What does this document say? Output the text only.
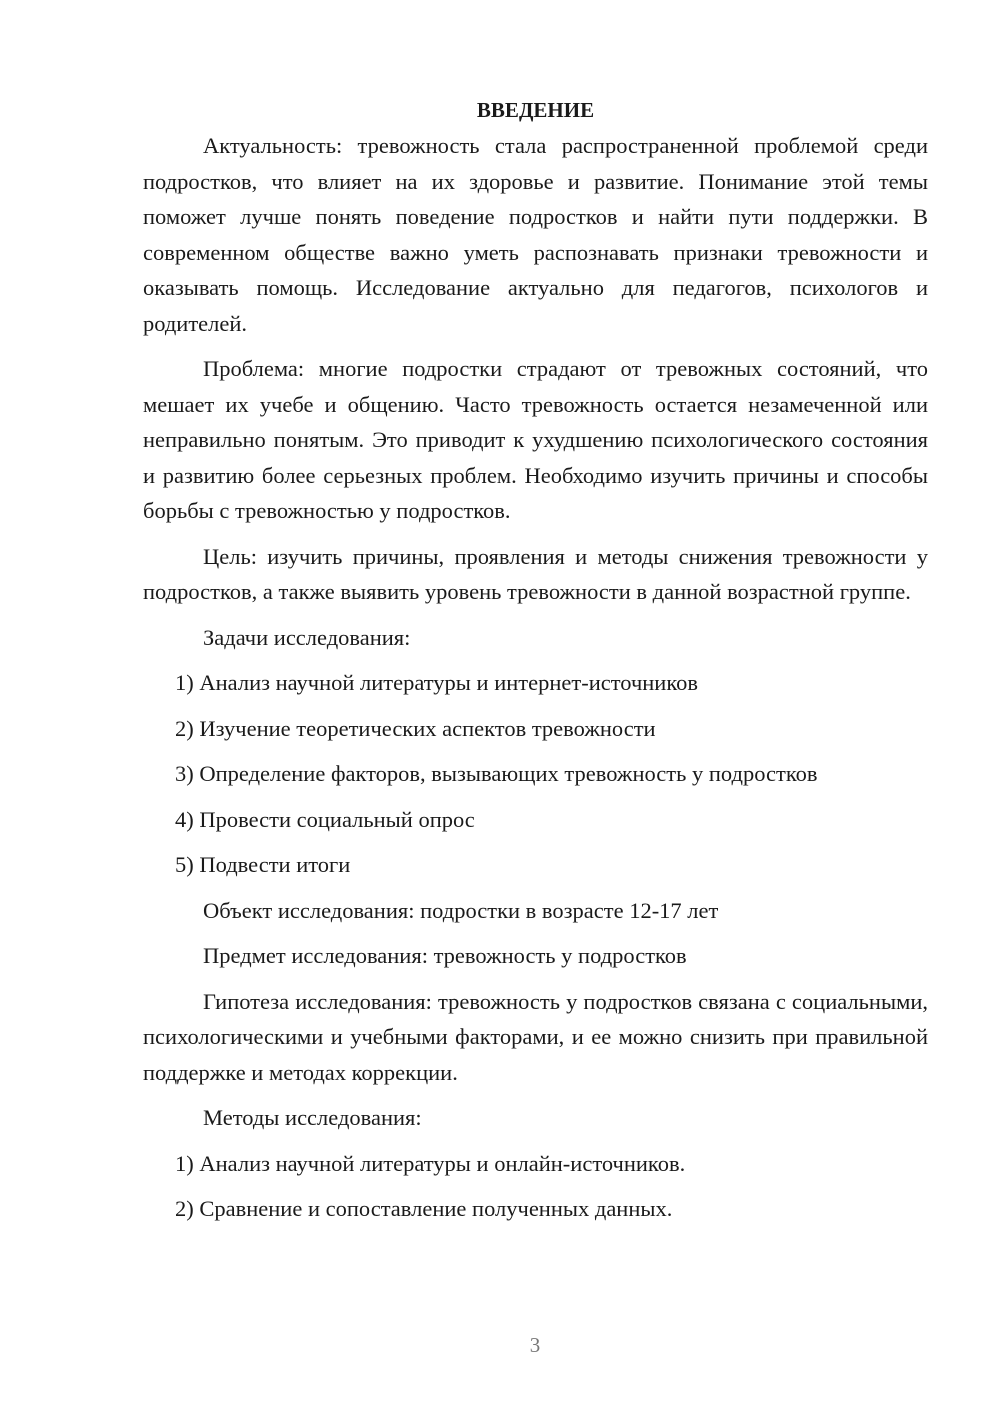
ВВЕДЕНИЕ

Актуальность: тревожность стала распространенной проблемой среди подростков, что влияет на их здоровье и развитие. Понимание этой темы поможет лучше понять поведение подростков и найти пути поддержки. В современном обществе важно уметь распознавать признаки тревожности и оказывать помощь. Исследование актуально для педагогов, психологов и родителей.

Проблема: многие подростки страдают от тревожных состояний, что мешает их учебе и общению. Часто тревожность остается незамеченной или неправильно понятым. Это приводит к ухудшению психологического состояния и развитию более серьезных проблем. Необходимо изучить причины и способы борьбы с тревожностью у подростков.

Цель: изучить причины, проявления и методы снижения тревожности у подростков, а также выявить уровень тревожности в данной возрастной группе.

Задачи исследования:

1) Анализ научной литературы и интернет-источников

2) Изучение теоретических аспектов тревожности

3) Определение факторов, вызывающих тревожность у подростков

4) Провести социальный опрос

5) Подвести итоги

Объект исследования: подростки в возрасте 12-17 лет

Предмет исследования: тревожность у подростков

Гипотеза исследования: тревожность у подростков связана с социальными, психологическими и учебными факторами, и ее можно снизить при правильной поддержке и методах коррекции.

Методы исследования:

1) Анализ научной литературы и онлайн-источников.

2) Сравнение и сопоставление полученных данных.

3
